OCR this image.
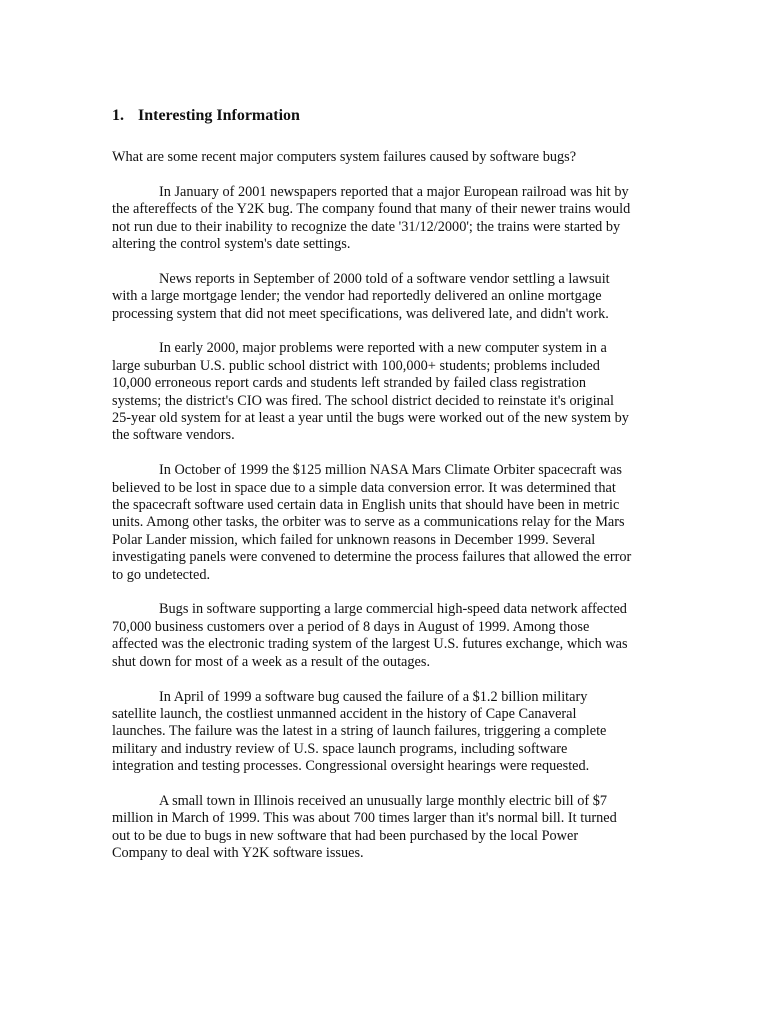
1. Interesting Information

What are some recent major computers system failures caused by software bugs?

In January of 2001 newspapers reported that a major European railroad was hit by the aftereffects of the Y2K bug. The company found that many of their newer trains would not run due to their inability to recognize the date '31/12/2000'; the trains were started by altering the control system's date settings.

News reports in September of 2000 told of a software vendor settling a lawsuit with a large mortgage lender; the vendor had reportedly delivered an online mortgage processing system that did not meet specifications, was delivered late, and didn't work.

In early 2000, major problems were reported with a new computer system in a large suburban U.S. public school district with 100,000+ students; problems included 10,000 erroneous report cards and students left stranded by failed class registration systems; the district's CIO was fired. The school district decided to reinstate it's original 25-year old system for at least a year until the bugs were worked out of the new system by the software vendors.

In October of 1999 the $125 million NASA Mars Climate Orbiter spacecraft was believed to be lost in space due to a simple data conversion error. It was determined that the spacecraft software used certain data in English units that should have been in metric units. Among other tasks, the orbiter was to serve as a communications relay for the Mars Polar Lander mission, which failed for unknown reasons in December 1999. Several investigating panels were convened to determine the process failures that allowed the error to go undetected.

Bugs in software supporting a large commercial high-speed data network affected 70,000 business customers over a period of 8 days in August of 1999. Among those affected was the electronic trading system of the largest U.S. futures exchange, which was shut down for most of a week as a result of the outages.

In April of 1999 a software bug caused the failure of a $1.2 billion military satellite launch, the costliest unmanned accident in the history of Cape Canaveral launches. The failure was the latest in a string of launch failures, triggering a complete military and industry review of U.S. space launch programs, including software integration and testing processes. Congressional oversight hearings were requested.

A small town in Illinois received an unusually large monthly electric bill of $7 million in March of 1999. This was about 700 times larger than it's normal bill. It turned out to be due to bugs in new software that had been purchased by the local Power Company to deal with Y2K software issues.
